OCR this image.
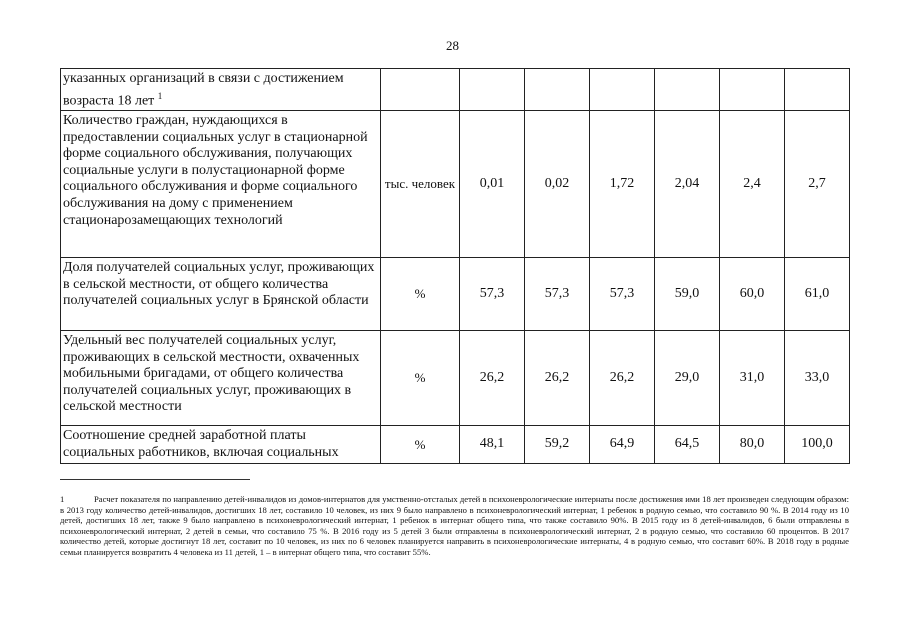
28
указанных организаций в связи с достижением возраста 18 лет $^1$							
Количество граждан, нуждающихся в предоставлении социальных услуг в стационарной форме социального обслуживания, получающих социальные услуги в полустационарной форме социального обслуживания и форме социального обслуживания на дому с применением стационарозамещающих технологий	тыс. человек	0,01	0,02	1,72	2,04	2,4	2,7
Доля получателей социальных услуг, проживающих в сельской местности, от общего количества получателей социальных услуг в Брянской области	%	57,3	57,3	57,3	59,0	60,0	61,0
Удельный вес получателей социальных услуг, проживающих в сельской местности, охваченных мобильными бригадами, от общего количества получателей социальных услуг, проживающих в сельской местности	%	26,2	26,2	26,2	29,0	31,0	33,0
Соотношение средней заработной платы социальных работников, включая социальных	%	48,1	59,2	64,9	64,5	80,0	100,0
1	Расчет показателя по направлению детей-инвалидов из домов-интернатов для умственно-отсталых детей в психоневрологические интернаты после достижения ими 18 лет произведен следующим образом: в 2013 году количество детей-инвалидов, достигших 18 лет, составило 10 человек, из них 9 было направлено в психоневрологический интернат, 1 ребенок в родную семью, что составило 90 %. В 2014 году из 10 детей, достигших 18 лет, также 9 было направлено в психоневрологический интернат, 1 ребенок в интернат общего типа, что также составило 90%. В 2015 году из 8 детей-инвалидов, 6 были отправлены в психоневрологический интернат, 2 детей в семьи, что составило 75 %. В 2016 году из 5 детей 3 были отправлены в психоневрологический интернат, 2 в родную семью, что составило 60 процентов. В 2017 количество детей, которые достигнут 18 лет, составит по 10 человек, из них по 6 человек планируется направить в психоневрологические интернаты, 4 в родную семью, что составит 60%. В 2018 году в родные семьи планируется возвратить 4 человека из 11 детей, 1 – в интернат общего типа, что составит 55%.
